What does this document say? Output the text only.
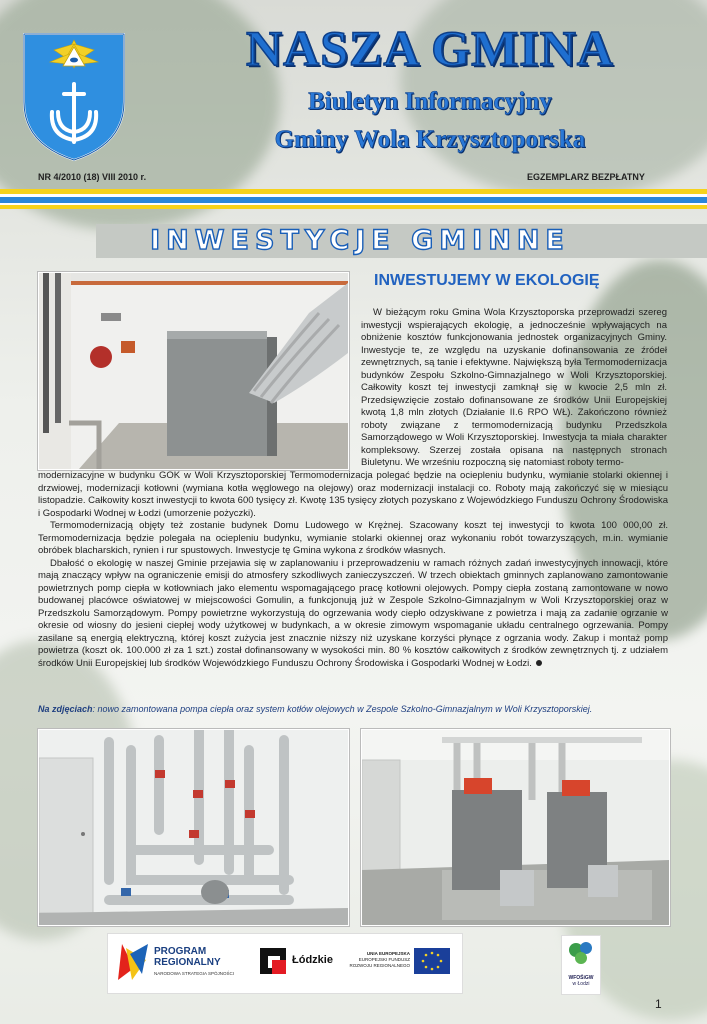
NASZA GMINA
Biuletyn Informacyjny
Gminy Wola Krzysztoporska
NR 4/2010 (18) VIII 2010 r.	EGZEMPLARZ BEZPŁATNY
INWESTYCJE GMINNE
INWESTUJEMY W EKOLOGIĘ

W bieżącym roku Gmina Wola Krzysztoporska przeprowadzi szereg inwestycji wspierających ekologię, a jednocześnie wpływających na obniżenie kosztów funkcjonowania jednostek organizacyjnych Gminy. Inwestycje te, ze względu na uzyskanie dofinansowania ze źródeł zewnętrznych, są tanie i efektywne. Największą była Termomodernizacja budynków Zespołu Szkolno-Gimnazjalnego w Woli Krzysztoporskiej. Całkowity koszt tej inwestycji zamknął się w kwocie 2,5 mln zł. Przedsięwzięcie zostało dofinansowane ze środków Unii Europejskiej kwotą 1,8 mln złotych (Działanie II.6 RPO WŁ). Zakończono również roboty związane z termomodernizacją budynku Przedszkola Samorządowego w Woli Krzysztoporskiej. Inwestycja ta miała charakter kompleksowy. Szerzej została opisana na następnych stronach Biuletynu. We wrześniu rozpoczną się natomiast roboty termo-

modernizacyjne w budynku GOK w Woli Krzysztoporskiej Termomodernizacja polegać będzie na ociepleniu budynku, wymianie stolarki okiennej i drzwiowej, modernizacji kotłowni (wymiana kotła węglowego na olejowy) oraz modernizacji instalacji co. Roboty mają zakończyć się w miesiącu listopadzie. Całkowity koszt inwestycji to kwota 600 tysięcy zł. Kwotę 135 tysięcy złotych pozyskano z Wojewódzkiego Funduszu Ochrony Środowiska i Gospodarki Wodnej w Łodzi (umorzenie pożyczki).

Termomodernizacją objęty też zostanie budynek Domu Ludowego w Krężnej. Szacowany koszt tej inwestycji to kwota 100 000,00 zł. Termomodernizacja będzie polegała na ociepleniu budynku, wymianie stolarki okiennej oraz wykonaniu robót towarzyszących, m.in. wymianie obróbek blacharskich, rynien i rur spustowych. Inwestycje tę Gmina wykona z środków własnych.

Dbałość o ekologię w naszej Gminie przejawia się w zaplanowaniu i przeprowadzeniu w ramach różnych zadań inwestycyjnych innowacji, które mają znaczący wpływ na ograniczenie emisji do atmosfery szkodliwych zanieczyszczeń. W trzech obiektach gminnych zaplanowano zamontowanie powietrznych pomp ciepła w kotłowniach jako elementu wspomagającego pracę kotłowni olejowych. Pompy ciepła zostaną zamontowane w nowo budowanej placówce oświatowej w miejscowości Gomulin, a funkcjonują już w Zespole Szkolno-Gimnazjalnym w Woli Krzysztoporskiej oraz w Przedszkolu Samorządowym. Pompy powietrzne wykorzystują do ogrzewania wody ciepło odzyskiwane z powietrza i mają za zadanie ogrzanie w okresie od wiosny do jesieni ciepłej wody użytkowej w budynkach, a w okresie zimowym wspomaganie układu centralnego ogrzewania. Pompy zasilane są energią elektryczną, której koszt zużycia jest znacznie niższy niż uzyskane korzyści płynące z ogrzania wody. Zakup i montaż pomp powietrza (koszt ok. 100.000 zł za 1 szt.) został dofinansowany w wysokości min. 80 % kosztów całkowitych z środków zewnętrznych tj. z udziałem środków Unii Europejskiej lub środków Wojewódzkiego Funduszu Ochrony Środowiska i Gospodarki Wodnej w Łodzi.

Na zdjęciach: nowo zamontowana pompa ciepła oraz system kotłów olejowych w Zespole Szkolno-Gimnazjalnym w Woli Krzysztoporskiej.
PROGRAM
REGIONALNY
NARODOWA STRATEGIA SPÓJNOŚCI
Łódzkie
UNIA EUROPEJSKA
EUROPEJSKI FUNDUSZ
ROZWOJU REGIONALNEGO
WFOŚiGW
w Łodzi
1
